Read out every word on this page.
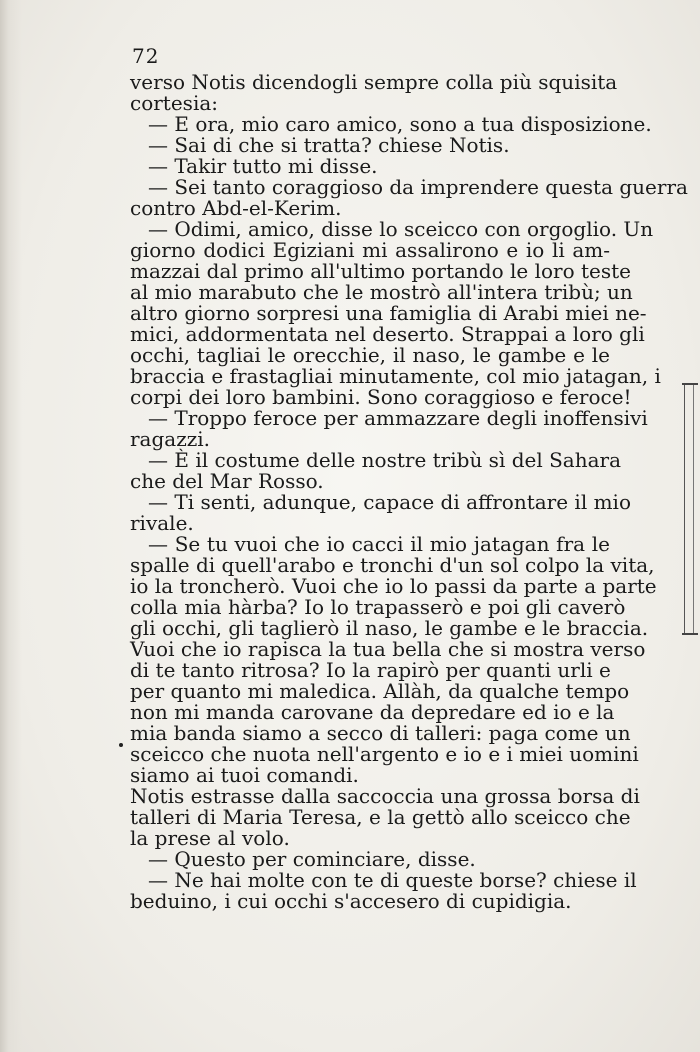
72
verso Notis dicendogli sempre colla più squisita
cortesia:
— E ora, mio caro amico, sono a tua disposizione.
— Sai di che si tratta? chiese Notis.
— Takir tutto mi disse.
— Sei tanto coraggioso da imprendere questa guerra
contro Abd-el-Kerim.
— Odimi, amico, disse lo sceicco con orgoglio. Un
giorno dodici Egiziani mi assalirono e io li am-
mazzai dal primo all'ultimo portando le loro teste
al mio marabuto che le mostrò all'intera tribù; un
altro giorno sorpresi una famiglia di Arabi miei ne-
mici, addormentata nel deserto. Strappai a loro gli
occhi, tagliai le orecchie, il naso, le gambe e le
braccia e frastagliai minutamente, col mio jatagan, i
corpi dei loro bambini. Sono coraggioso e feroce!
— Troppo feroce per ammazzare degli inoffensivi
ragazzi.
— È il costume delle nostre tribù sì del Sahara
che del Mar Rosso.
— Ti senti, adunque, capace di affrontare il mio
rivale.
— Se tu vuoi che io cacci il mio jatagan fra le
spalle di quell'arabo e tronchi d'un sol colpo la vita,
io la troncherò. Vuoi che io lo passi da parte a parte
colla mia hàrba? Io lo trapasserò e poi gli caverò
gli occhi, gli taglierò il naso, le gambe e le braccia.
Vuoi che io rapisca la tua bella che si mostra verso
di te tanto ritrosa? Io la rapirò per quanti urli e
per quanto mi maledica. Allàh, da qualche tempo
non mi manda carovane da depredare ed io e la
mia banda siamo a secco di talleri: paga come un
sceicco che nuota nell'argento e io e i miei uomini
siamo ai tuoi comandi.
Notis estrasse dalla saccoccia una grossa borsa di
talleri di Maria Teresa, e la gettò allo sceicco che
la prese al volo.
— Questo per cominciare, disse.
— Ne hai molte con te di queste borse? chiese il
beduino, i cui occhi s'accesero di cupidigia.
